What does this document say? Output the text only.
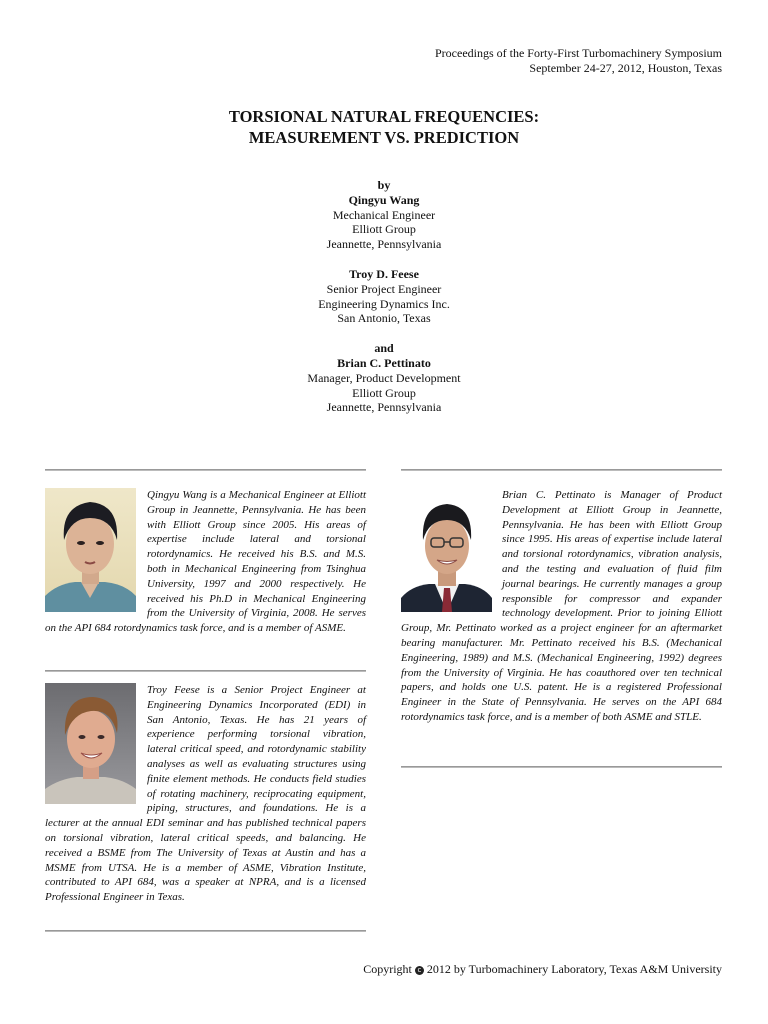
Proceedings of the Forty-First Turbomachinery Symposium
September 24-27, 2012, Houston, Texas
TORSIONAL NATURAL FREQUENCIES:
MEASUREMENT VS. PREDICTION
by
Qingyu Wang
Mechanical Engineer
Elliott Group
Jeannette, Pennsylvania
Troy D. Feese
Senior Project Engineer
Engineering Dynamics Inc.
San Antonio, Texas
and
Brian C. Pettinato
Manager, Product Development
Elliott Group
Jeannette, Pennsylvania
Qingyu Wang is a Mechanical Engineer at Elliott Group in Jeannette, Pennsylvania. He has been with Elliott Group since 2005. His areas of expertise include lateral and torsional rotordynamics. He received his B.S. and M.S. both in Mechanical Engineering from Tsinghua University, 1997 and 2000 respectively. He received his Ph.D in Mechanical Engineering from the University of Virginia, 2008. He serves on the API 684 rotordynamics task force, and is a member of ASME.
Troy Feese is a Senior Project Engineer at Engineering Dynamics Incorporated (EDI) in San Antonio, Texas. He has 21 years of experience performing torsional vibration, lateral critical speed, and rotordynamic stability analyses as well as evaluating structures using finite element methods. He conducts field studies of rotating machinery, reciprocating equipment, piping, structures, and foundations. He is a lecturer at the annual EDI seminar and has published technical papers on torsional vibration, lateral critical speeds, and balancing. He received a BSME from The University of Texas at Austin and has a MSME from UTSA. He is a member of ASME, Vibration Institute, contributed to API 684, was a speaker at NPRA, and is a licensed Professional Engineer in Texas.
Brian C. Pettinato is Manager of Product Development at Elliott Group in Jeannette, Pennsylvania. He has been with Elliott Group since 1995. His areas of expertise include lateral and torsional rotordynamics, vibration analysis, and the testing and evaluation of fluid film journal bearings. He currently manages a group responsible for compressor and expander technology development. Prior to joining Elliott Group, Mr. Pettinato worked as a project engineer for an aftermarket bearing manufacturer. Mr. Pettinato received his B.S. (Mechanical Engineering, 1989) and M.S. (Mechanical Engineering, 1992) degrees from the University of Virginia. He has coauthored over ten technical papers, and holds one U.S. patent. He is a registered Professional Engineer in the State of Pennsylvania. He serves on the API 684 rotordynamics task force, and is a member of both ASME and STLE.
Copyright c 2012 by Turbomachinery Laboratory, Texas A&M University
